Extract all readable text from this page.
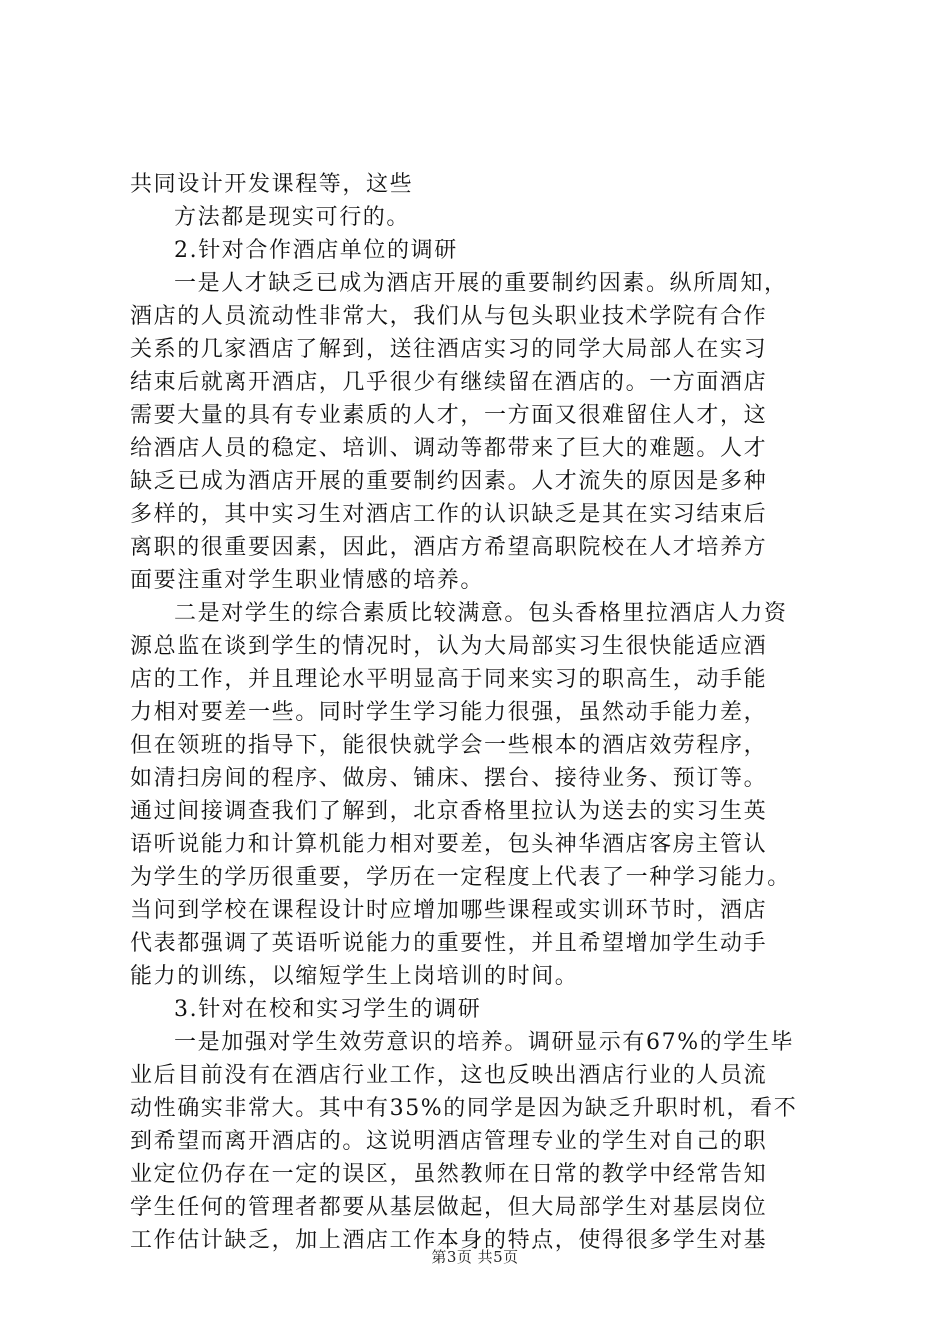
共同设计开发课程等，这些
方法都是现实可行的。
2.针对合作酒店单位的调研
一是人才缺乏已成为酒店开展的重要制约因素。纵所周知，
酒店的人员流动性非常大，我们从与包头职业技术学院有合作
关系的几家酒店了解到，送往酒店实习的同学大局部人在实习
结束后就离开酒店，几乎很少有继续留在酒店的。一方面酒店
需要大量的具有专业素质的人才，一方面又很难留住人才，这
给酒店人员的稳定、培训、调动等都带来了巨大的难题。人才
缺乏已成为酒店开展的重要制约因素。人才流失的原因是多种
多样的，其中实习生对酒店工作的认识缺乏是其在实习结束后
离职的很重要因素，因此，酒店方希望高职院校在人才培养方
面要注重对学生职业情感的培养。
二是对学生的综合素质比较满意。包头香格里拉酒店人力资
源总监在谈到学生的情况时，认为大局部实习生很快能适应酒
店的工作，并且理论水平明显高于同来实习的职高生，动手能
力相对要差一些。同时学生学习能力很强，虽然动手能力差，
但在领班的指导下，能很快就学会一些根本的酒店效劳程序，
如清扫房间的程序、做房、铺床、摆台、接待业务、预订等。
通过间接调查我们了解到，北京香格里拉认为送去的实习生英
语听说能力和计算机能力相对要差，包头神华酒店客房主管认
为学生的学历很重要，学历在一定程度上代表了一种学习能力。
当问到学校在课程设计时应增加哪些课程或实训环节时，酒店
代表都强调了英语听说能力的重要性，并且希望增加学生动手
能力的训练，以缩短学生上岗培训的时间。
3.针对在校和实习学生的调研
一是加强对学生效劳意识的培养。调研显示有67%的学生毕
业后目前没有在酒店行业工作，这也反映出酒店行业的人员流
动性确实非常大。其中有35%的同学是因为缺乏升职时机，看不
到希望而离开酒店的。这说明酒店管理专业的学生对自己的职
业定位仍存在一定的误区，虽然教师在日常的教学中经常告知
学生任何的管理者都要从基层做起，但大局部学生对基层岗位
工作估计缺乏，加上酒店工作本身的特点，使得很多学生对基
第3页 共5页
